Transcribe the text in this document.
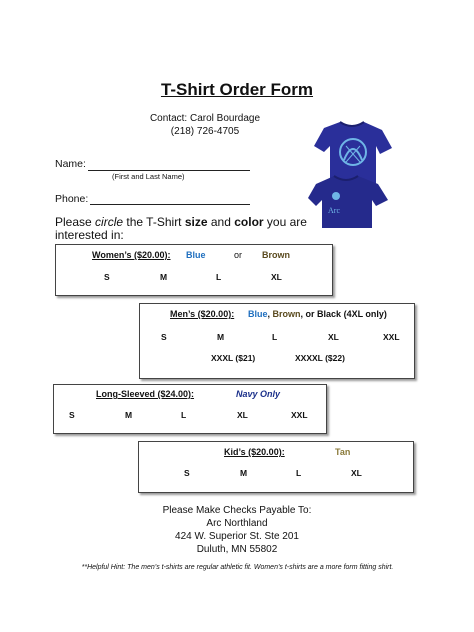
T-Shirt Order Form
Contact: Carol Bourdage
(218) 726-4705
Arc
Name:
(First and Last Name)
Phone:
Please circle the T-Shirt size and color you are interested in:
Women’s ($20.00): Blue	or Brown
S	M	L	XL
Men’s ($20.00): Blue, Brown, or Black (4XL only)
S	M	L	XL	XXL
XXXL ($21)	XXXXL ($22)
Long-Sleeved ($24.00):	Navy Only
S	M	L	XL	XXL
Kid’s ($20.00):	Tan
S	M	L	XL
Please Make Checks Payable To:
Arc Northland
424 W. Superior St. Ste 201
Duluth, MN 55802
**Helpful Hint: The men’s t-shirts are regular athletic fit. Women’s t-shirts are a more form fitting shirt.
